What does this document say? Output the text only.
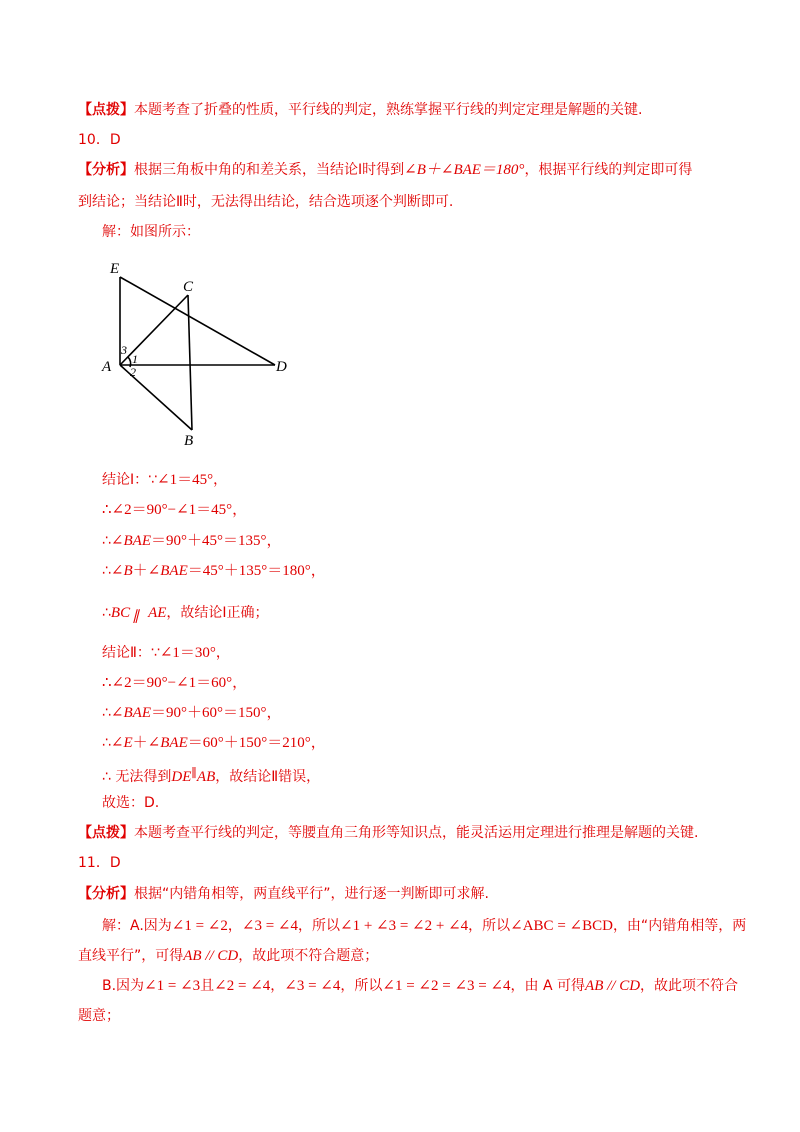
【点拨】本题考查了折叠的性质，平行线的判定，熟练掌握平行线的判定定理是解题的关键.
10．D
【分析】根据三角板中角的和差关系，当结论Ⅰ时得到∠B＋∠BAE＝180°，根据平行线的判定即可得
到结论；当结论Ⅱ时，无法得出结论，结合选项逐个判断即可.
解：如图所示：
E
C
A	D
B
3
1
2
结论Ⅰ：∵∠1＝45°，
∴∠2＝90°−∠1＝45°，
∴∠BAE＝90°＋45°＝135°，
∴∠B＋∠BAE＝45°＋135°＝180°，
∴BC ∥ AE，故结论Ⅰ正确；
结论Ⅱ：∵∠1＝30°，
∴∠2＝90°−∠1＝60°，
∴∠BAE＝90°＋60°＝150°，
∴∠E＋∠BAE＝60°＋150°＝210°，
∴ 无法得到DE∥AB，故结论Ⅱ错误，
故选：D.
【点拨】本题考查平行线的判定，等腰直角三角形等知识点，能灵活运用定理进行推理是解题的关键.
11．D
【分析】根据“内错角相等，两直线平行”，进行逐一判断即可求解.
解：A.因为∠1 = ∠2，∠3 = ∠4，所以∠1 + ∠3 = ∠2 + ∠4，所以∠ABC = ∠BCD，由“内错角相等，两
直线平行”，可得AB // CD，故此项不符合题意；
B.因为∠1 = ∠3且∠2 = ∠4，∠3 = ∠4，所以∠1 = ∠2 = ∠3 = ∠4，由 A 可得AB // CD，故此项不符合
题意；
